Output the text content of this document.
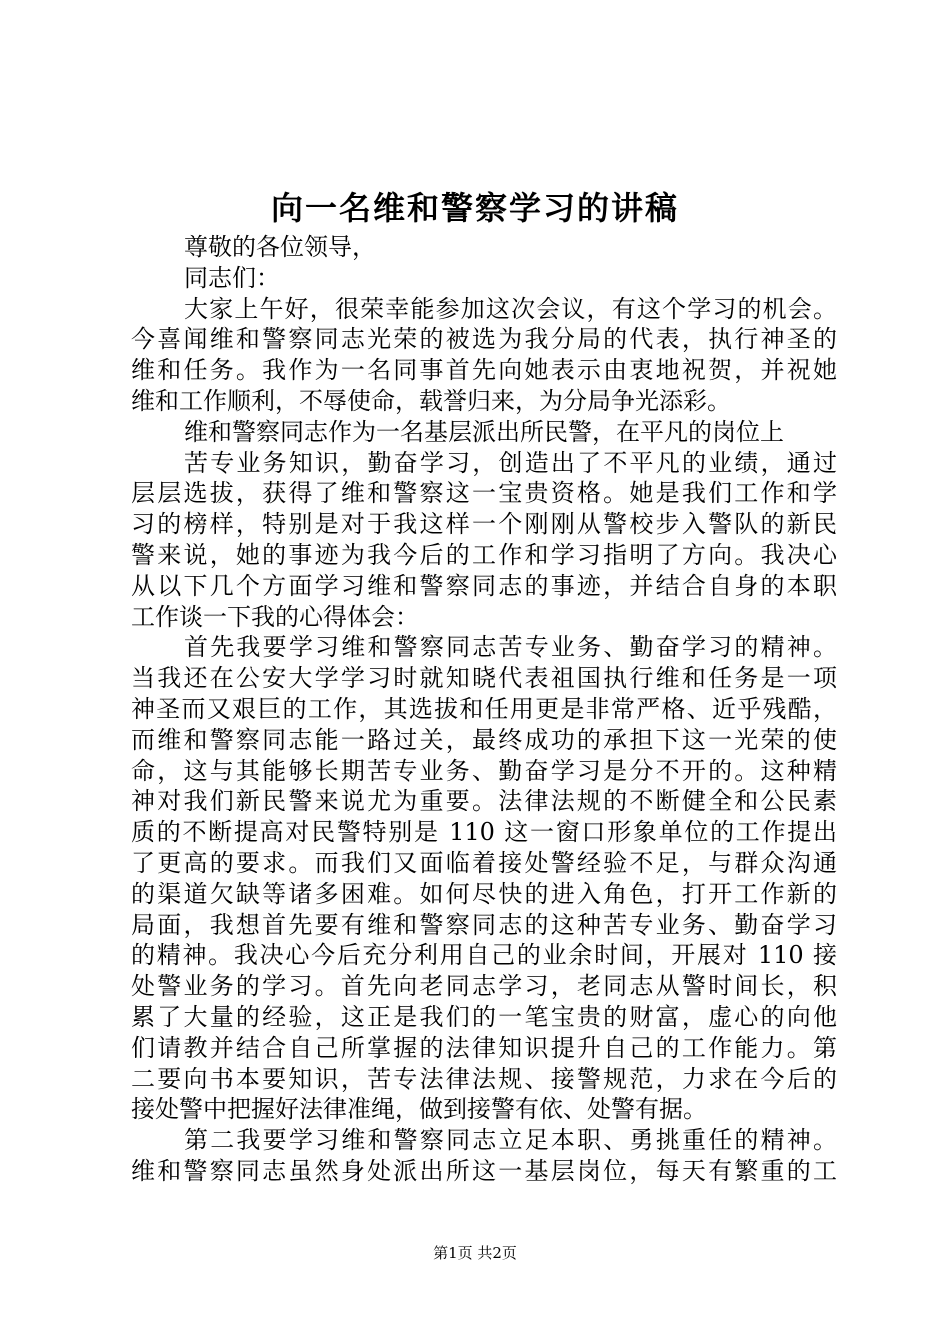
向一名维和警察学习的讲稿
尊敬的各位领导，
同志们：
大家上午好，很荣幸能参加这次会议，有这个学习的机会。
今喜闻维和警察同志光荣的被选为我分局的代表，执行神圣的
维和任务。我作为一名同事首先向她表示由衷地祝贺，并祝她
维和工作顺利，不辱使命，载誉归来，为分局争光添彩。
维和警察同志作为一名基层派出所民警，在平凡的岗位上
苦专业务知识，勤奋学习，创造出了不平凡的业绩，通过
层层选拔，获得了维和警察这一宝贵资格。她是我们工作和学
习的榜样，特别是对于我这样一个刚刚从警校步入警队的新民
警来说，她的事迹为我今后的工作和学习指明了方向。我决心
从以下几个方面学习维和警察同志的事迹，并结合自身的本职
工作谈一下我的心得体会：
首先我要学习维和警察同志苦专业务、勤奋学习的精神。
当我还在公安大学学习时就知晓代表祖国执行维和任务是一项
神圣而又艰巨的工作，其选拔和任用更是非常严格、近乎残酷，
而维和警察同志能一路过关，最终成功的承担下这一光荣的使
命，这与其能够长期苦专业务、勤奋学习是分不开的。这种精
神对我们新民警来说尤为重要。法律法规的不断健全和公民素
质的不断提高对民警特别是 110 这一窗口形象单位的工作提出
了更高的要求。而我们又面临着接处警经验不足，与群众沟通
的渠道欠缺等诸多困难。如何尽快的进入角色，打开工作新的
局面，我想首先要有维和警察同志的这种苦专业务、勤奋学习
的精神。我决心今后充分利用自己的业余时间，开展对 110 接
处警业务的学习。首先向老同志学习，老同志从警时间长，积
累了大量的经验，这正是我们的一笔宝贵的财富，虚心的向他
们请教并结合自己所掌握的法律知识提升自己的工作能力。第
二要向书本要知识，苦专法律法规、接警规范，力求在今后的
接处警中把握好法律准绳，做到接警有依、处警有据。
第二我要学习维和警察同志立足本职、勇挑重任的精神。
维和警察同志虽然身处派出所这一基层岗位，每天有繁重的工
第1页 共2页
